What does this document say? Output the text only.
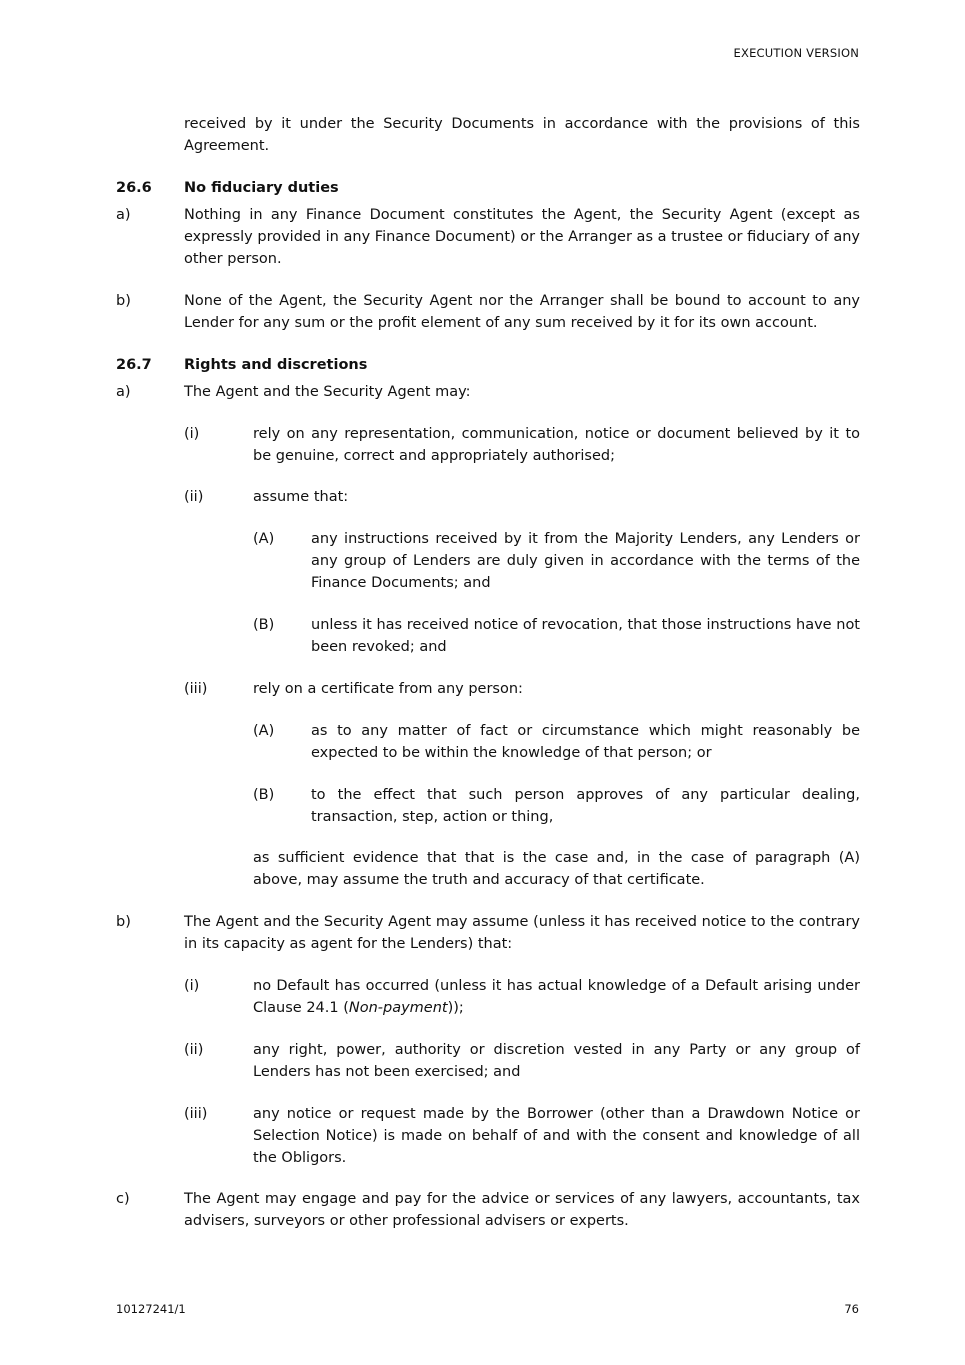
EXECUTION VERSION
received by it under the Security Documents in accordance with the provisions of this Agreement.
26.6 No fiduciary duties
a)	Nothing in any Finance Document constitutes the Agent, the Security Agent (except as expressly provided in any Finance Document) or the Arranger as a trustee or fiduciary of any other person.
b)	None of the Agent, the Security Agent nor the Arranger shall be bound to account to any Lender for any sum or the profit element of any sum received by it for its own account.
26.7 Rights and discretions
a)	The Agent and the Security Agent may:
(i)	rely on any representation, communication, notice or document believed by it to be genuine, correct and appropriately authorised;
(ii)	assume that:
(A)	any instructions received by it from the Majority Lenders, any Lenders or any group of Lenders are duly given in accordance with the terms of the Finance Documents; and
(B)	unless it has received notice of revocation, that those instructions have not been revoked; and
(iii)	rely on a certificate from any person:
(A)	as to any matter of fact or circumstance which might reasonably be expected to be within the knowledge of that person; or
(B)	to the effect that such person approves of any particular dealing, transaction, step, action or thing,
as sufficient evidence that that is the case and, in the case of paragraph (A) above, may assume the truth and accuracy of that certificate.
b)	The Agent and the Security Agent may assume (unless it has received notice to the contrary in its capacity as agent for the Lenders) that:
(i)	no Default has occurred (unless it has actual knowledge of a Default arising under Clause 24.1 (Non-payment));
(ii)	any right, power, authority or discretion vested in any Party or any group of Lenders has not been exercised; and
(iii)	any notice or request made by the Borrower (other than a Drawdown Notice or Selection Notice) is made on behalf of and with the consent and knowledge of all the Obligors.
c)	The Agent may engage and pay for the advice or services of any lawyers, accountants, tax advisers, surveyors or other professional advisers or experts.
10127241/1	76
